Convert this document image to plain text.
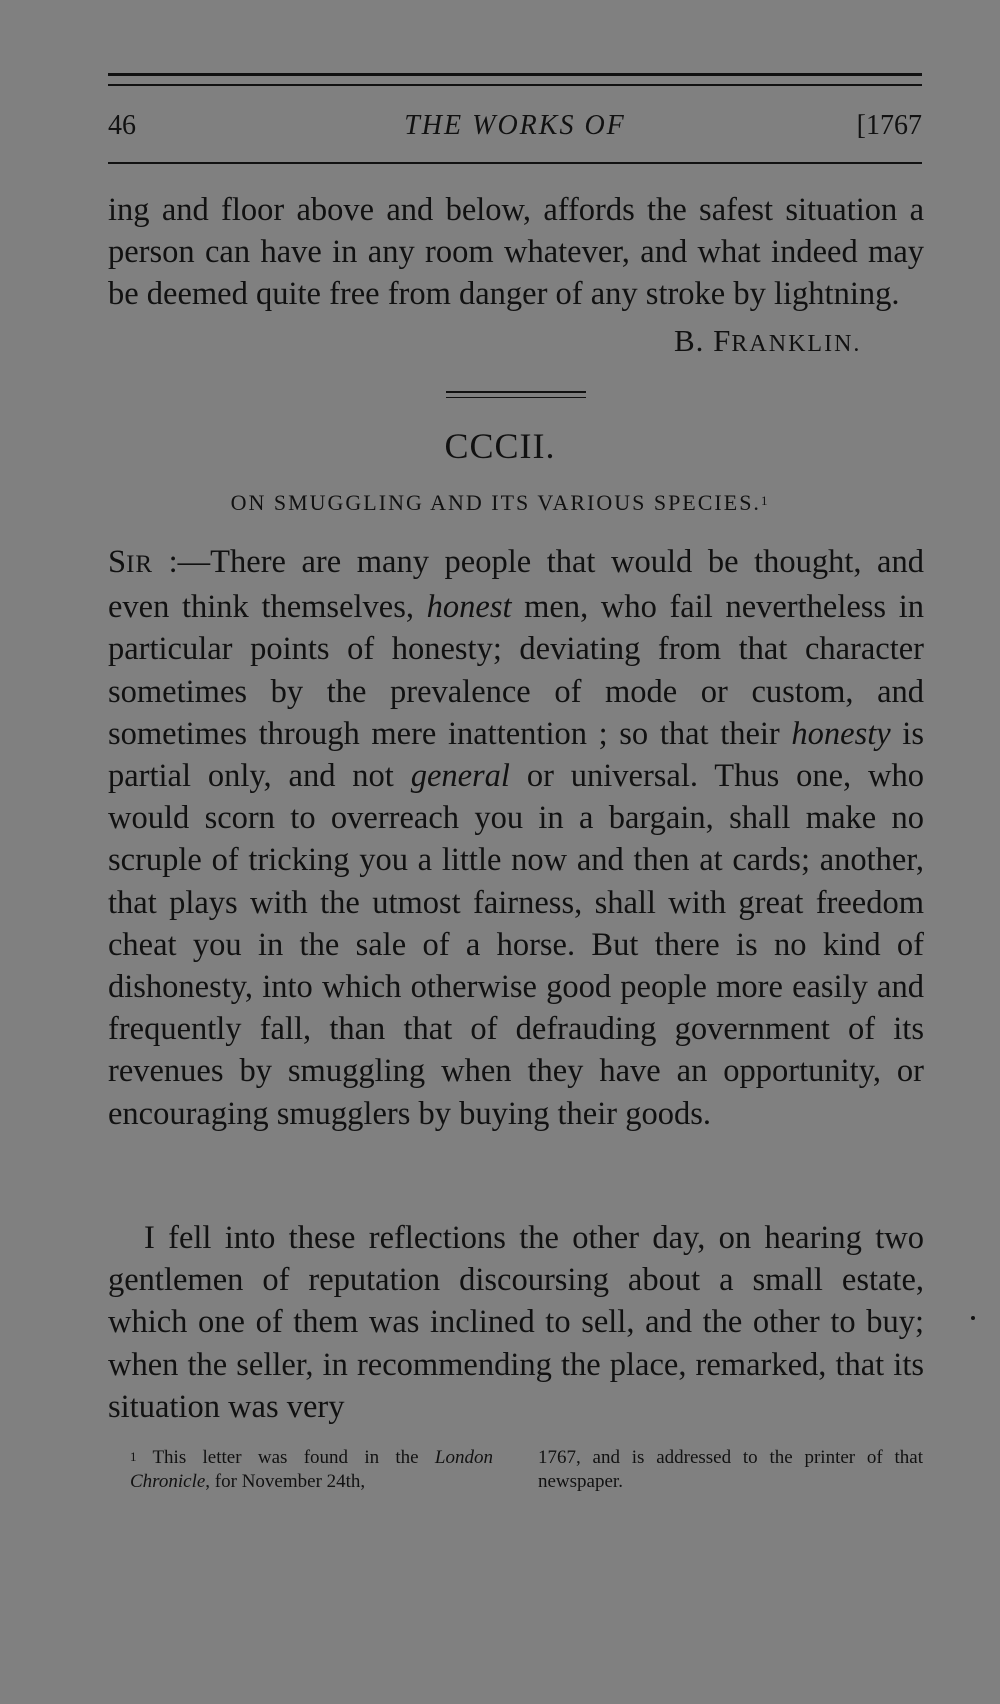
46	THE WORKS OF	[1767

ing and floor above and below, affords the safest situation a person can have in any room whatever, and what indeed may be deemed quite free from danger of any stroke by lightning.

B. FRANKLIN.
CCCII.
ON SMUGGLING AND ITS VARIOUS SPECIES.$^1$

SIR :—There are many people that would be thought, and even think themselves, honest men, who fail nevertheless in particular points of honesty; deviating from that character sometimes by the prevalence of mode or custom, and sometimes through mere inattention ; so that their honesty is partial only, and not general or universal. Thus one, who would scorn to overreach you in a bargain, shall make no scruple of tricking you a little now and then at cards; another, that plays with the utmost fairness, shall with great freedom cheat you in the sale of a horse. But there is no kind of dishonesty, into which otherwise good people more easily and frequently fall, than that of defrauding government of its revenues by smuggling when they have an opportunity, or encouraging smugglers by buying their goods.

I fell into these reflections the other day, on hearing two gentlemen of reputation discoursing about a small estate, which one of them was inclined to sell, and the other to buy; when the seller, in recommending the place, remarked, that its situation was very

$^1$ This letter was found in the London Chronicle, for November 24th,

1767, and is addressed to the printer of that newspaper.
